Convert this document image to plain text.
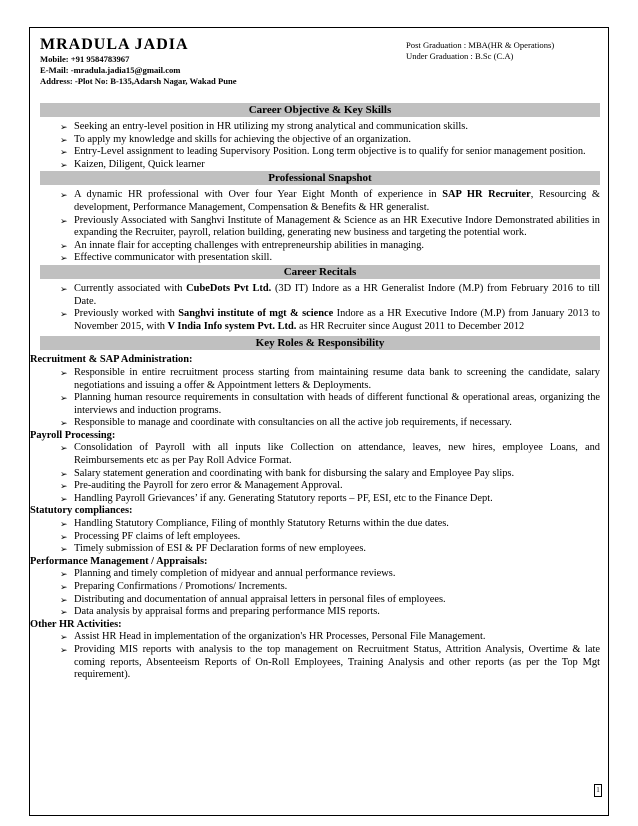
MRADULA JADIA
Mobile: +91 9584783967
E-Mail: -mradula.jadia15@gmail.com
Address: -Plot No: B-135,Adarsh Nagar, Wakad Pune
Post Graduation : MBA(HR & Operations)
Under Graduation : B.Sc (C.A)
Career Objective & Key Skills
➢ Seeking an entry-level position in HR utilizing my strong analytical and communication skills.
➢ To apply my knowledge and skills for achieving the objective of an organization.
➢ Entry-Level assignment to leading Supervisory Position. Long term objective is to qualify for senior management position.
➢ Kaizen, Diligent, Quick learner
Professional Snapshot
➢ A dynamic HR professional with Over four Year Eight Month of experience in SAP HR Recruiter, Resourcing & development, Performance Management, Compensation & Benefits & HR generalist.
➢ Previously Associated with Sanghvi Institute of Management & Science as an HR Executive Indore Demonstrated abilities in expanding the Recruiter, payroll, relation building, generating new business and targeting the potential work.
➢ An innate flair for accepting challenges with entrepreneurship abilities in managing.
➢ Effective communicator with presentation skill.
Career Recitals
➢ Currently associated with CubeDots Pvt Ltd. (3D IT) Indore as a HR Generalist Indore (M.P) from February 2016 to till Date.
➢ Previously worked with Sanghvi institute of mgt & science Indore as a HR Executive Indore (M.P) from January 2013 to November 2015, with V India Info system Pvt. Ltd. as HR Recruiter since August 2011 to December 2012
Key Roles & Responsibility
Recruitment & SAP Administration:
➢ Responsible in entire recruitment process starting from maintaining resume data bank to screening the candidate, salary negotiations and issuing a offer & Appointment letters & Deployments.
➢ Planning human resource requirements in consultation with heads of different functional & operational areas, organizing the interviews and induction programs.
➢ Responsible to manage and coordinate with consultancies on all the active job requirements, if necessary.
Payroll Processing:
➢ Consolidation of Payroll with all inputs like Collection on attendance, leaves, new hires, employee Loans, and Reimbursements etc as per Pay Roll Advice Format.
➢ Salary statement generation and coordinating with bank for disbursing the salary and Employee Pay slips.
➢ Pre-auditing the Payroll for zero error & Management Approval.
➢ Handling Payroll Grievances’ if any. Generating Statutory reports – PF, ESI, etc to the Finance Dept.
Statutory compliances:
➢ Handling Statutory Compliance, Filing of monthly Statutory Returns within the due dates.
➢ Processing PF claims of left employees.
➢ Timely submission of ESI & PF Declaration forms of new employees.
Performance Management / Appraisals:
➢ Planning and timely completion of midyear and annual performance reviews.
➢ Preparing Confirmations / Promotions/ Increments.
➢ Distributing and documentation of annual appraisal letters in personal files of employees.
➢ Data analysis by appraisal forms and preparing performance MIS reports.
Other HR Activities:
➢ Assist HR Head in implementation of the organization's HR Processes, Personal File Management.
➢ Providing MIS reports with analysis to the top management on Recruitment Status, Attrition Analysis, Overtime & late coming reports, Absenteeism Reports of On-Roll Employees, Training Analysis and other reports (as per the Top Mgt requirement).
1
